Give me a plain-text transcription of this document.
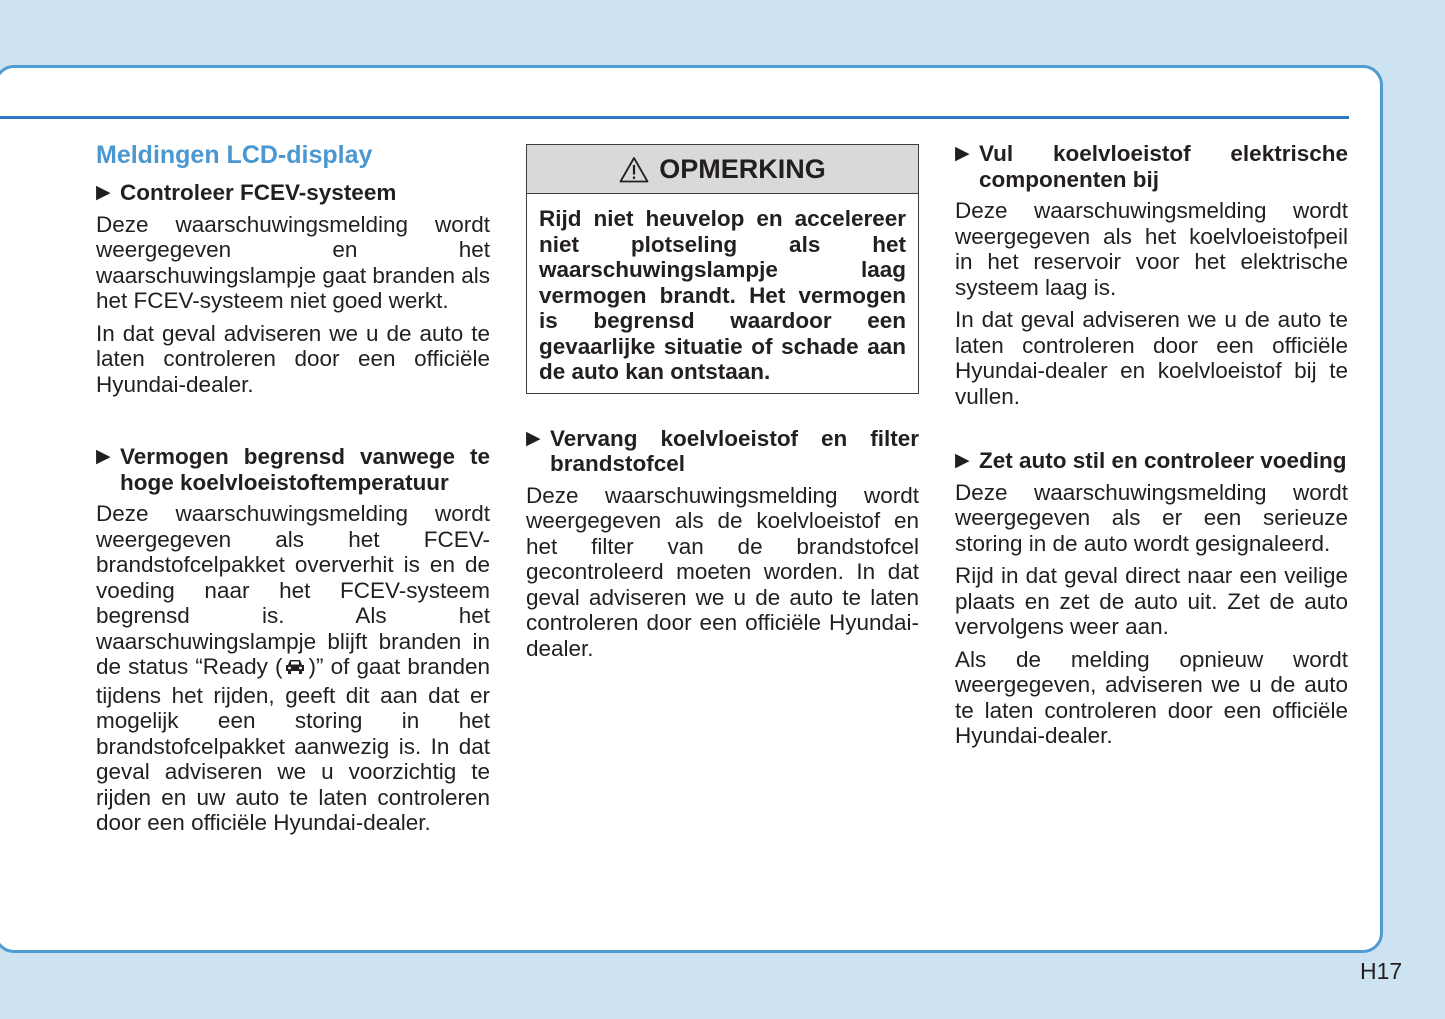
Meldingen LCD-display
▶ Controleer FCEV-systeem

Deze waarschuwingsmelding wordt weergegeven en het waarschuwingslampje gaat branden als het FCEV-systeem niet goed werkt.

In dat geval adviseren we u de auto te laten controleren door een officiële Hyundai-dealer.

▶ Vermogen begrensd vanwege te hoge koelvloeistoftemperatuur

Deze waarschuwingsmelding wordt weergegeven als het FCEV-brandstofcelpakket oververhit is en de voeding naar het FCEV-systeem begrensd is. Als het waarschuwingslampje blijft branden in de status “Ready ( )” of gaat branden tijdens het rijden, geeft dit aan dat er mogelijk een storing in het brandstofcelpakket aanwezig is. In dat geval adviseren we u voorzichtig te rijden en uw auto te laten controleren door een officiële Hyundai-dealer.

OPMERKING
Rijd niet heuvelop en accelereer niet plotseling als het waarschuwingslampje laag vermogen brandt. Het vermogen is begrensd waardoor een gevaarlijke situatie of schade aan de auto kan ontstaan.
▶ Vervang koelvloeistof en filter brandstofcel

Deze waarschuwingsmelding wordt weergegeven als de koelvloeistof en het filter van de brandstofcel gecontroleerd moeten worden. In dat geval adviseren we u de auto te laten controleren door een officiële Hyundai-dealer.

▶ Vul koelvloeistof elektrische componenten bij

Deze waarschuwingsmelding wordt weergegeven als het koelvloeistofpeil in het reservoir voor het elektrische systeem laag is.

In dat geval adviseren we u de auto te laten controleren door een officiële Hyundai-dealer en koelvloeistof bij te vullen.

▶ Zet auto stil en controleer voeding

Deze waarschuwingsmelding wordt weergegeven als er een serieuze storing in de auto wordt gesignaleerd.

Rijd in dat geval direct naar een veilige plaats en zet de auto uit. Zet de auto vervolgens weer aan.

Als de melding opnieuw wordt weergegeven, adviseren we u de auto te laten controleren door een officiële Hyundai-dealer.

H17
